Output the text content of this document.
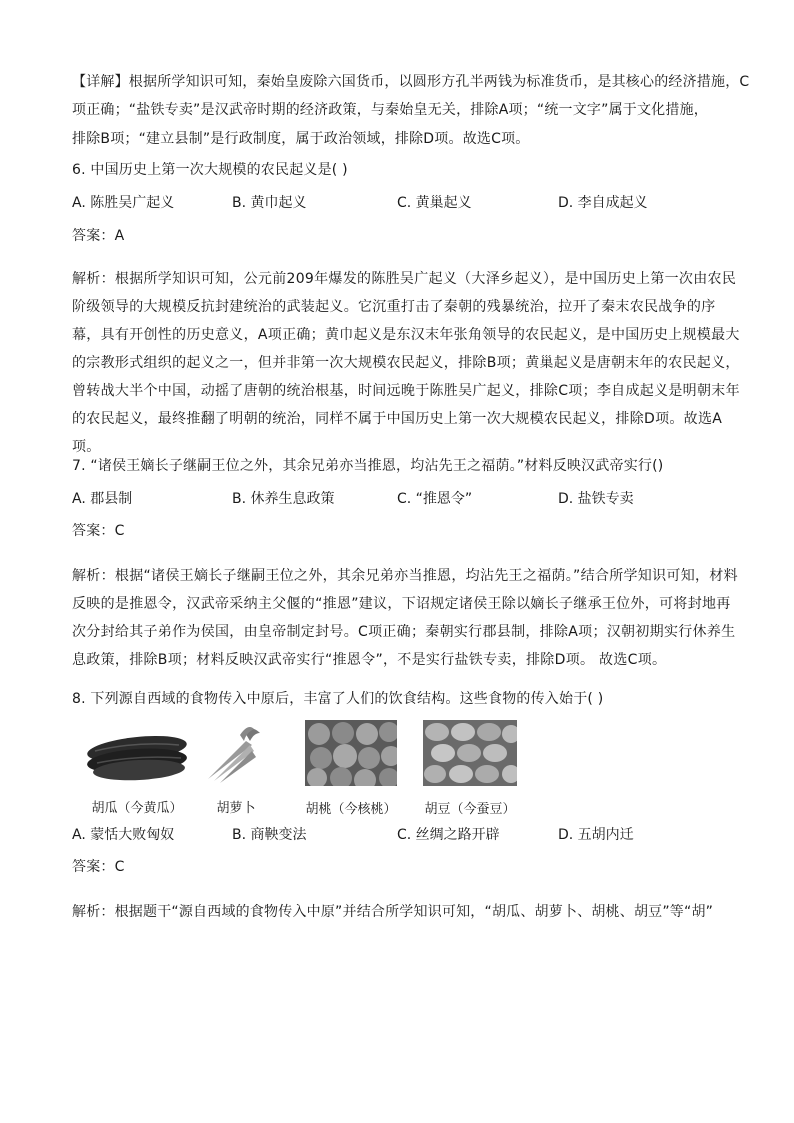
【详解】根据所学知识可知，秦始皇废除六国货币，以圆形方孔半两钱为标准货币，是其核心的经济措施，C
项正确；“盐铁专卖”是汉武帝时期的经济政策，与秦始皇无关，排除A项；“统一文字”属于文化措施，
排除B项；“建立县制”是行政制度，属于政治领域，排除D项。故选C项。
6. 中国历史上第一次大规模的农民起义是( )
A. 陈胜吴广起义	B. 黄巾起义	C. 黄巢起义	D. 李自成起义
答案：A
解析：根据所学知识可知，公元前209年爆发的陈胜吴广起义（大泽乡起义），是中国历史上第一次由农民阶级领导的大规模反抗封建统治的武装起义。它沉重打击了秦朝的残暴统治，拉开了秦末农民战争的序幕，具有开创性的历史意义，A项正确；黄巾起义是东汉末年张角领导的农民起义，是中国历史上规模最大的宗教形式组织的起义之一，但并非第一次大规模农民起义，排除B项；黄巢起义是唐朝末年的农民起义，曾转战大半个中国，动摇了唐朝的统治根基，时间远晚于陈胜吴广起义，排除C项；李自成起义是明朝末年的农民起义，最终推翻了明朝的统治，同样不属于中国历史上第一次大规模农民起义，排除D项。故选A项。
7. “诸侯王嫡长子继嗣王位之外，其余兄弟亦当推恩，均沾先王之福荫。”材料反映汉武帝实行()
A. 郡县制	B. 休养生息政策	C. “推恩令”	D. 盐铁专卖
答案：C
解析：根据“诸侯王嫡长子继嗣王位之外，其余兄弟亦当推恩，均沾先王之福荫。”结合所学知识可知，材料反映的是推恩令，汉武帝采纳主父偃的“推恩”建议，下诏规定诸侯王除以嫡长子继承王位外，可将封地再次分封给其子弟作为侯国，由皇帝制定封号。C项正确；秦朝实行郡县制，排除A项；汉朝初期实行休养生息政策，排除B项；材料反映汉武帝实行“推恩令”，不是实行盐铁专卖，排除D项。 故选C项。
8. 下列源自西域的食物传入中原后，丰富了人们的饮食结构。这些食物的传入始于( )
胡瓜（今黄瓜）	胡萝卜	胡桃（今核桃）	胡豆（今蚕豆）
A. 蒙恬大败匈奴	B. 商鞅变法	C. 丝绸之路开辟	D. 五胡内迁
答案：C
解析：根据题干“源自西域的食物传入中原”并结合所学知识可知，“胡瓜、胡萝卜、胡桃、胡豆”等“胡”
